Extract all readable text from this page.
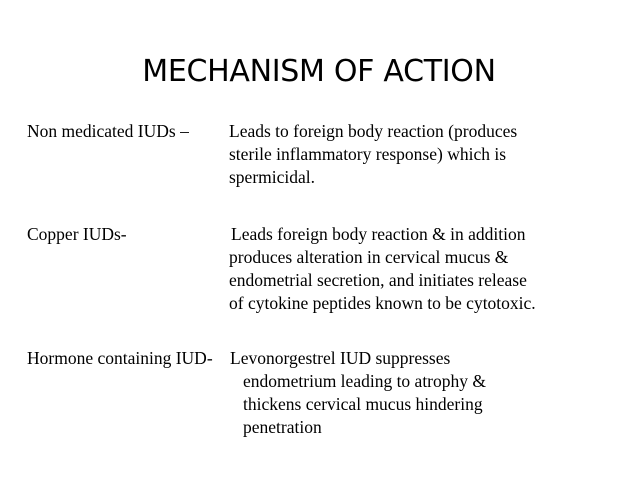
MECHANISM OF ACTION
Non medicated IUDs – Leads to foreign body reaction (produces
sterile inflammatory response) which is
spermicidal.
Copper IUDs-	Leads foreign body reaction & in addition
produces alteration in cervical mucus &
endometrial secretion, and initiates release
of cytokine peptides known to be cytotoxic.
Hormone containing IUD- Levonorgestrel IUD suppresses
endometrium leading to atrophy &
thickens cervical mucus hindering
penetration
